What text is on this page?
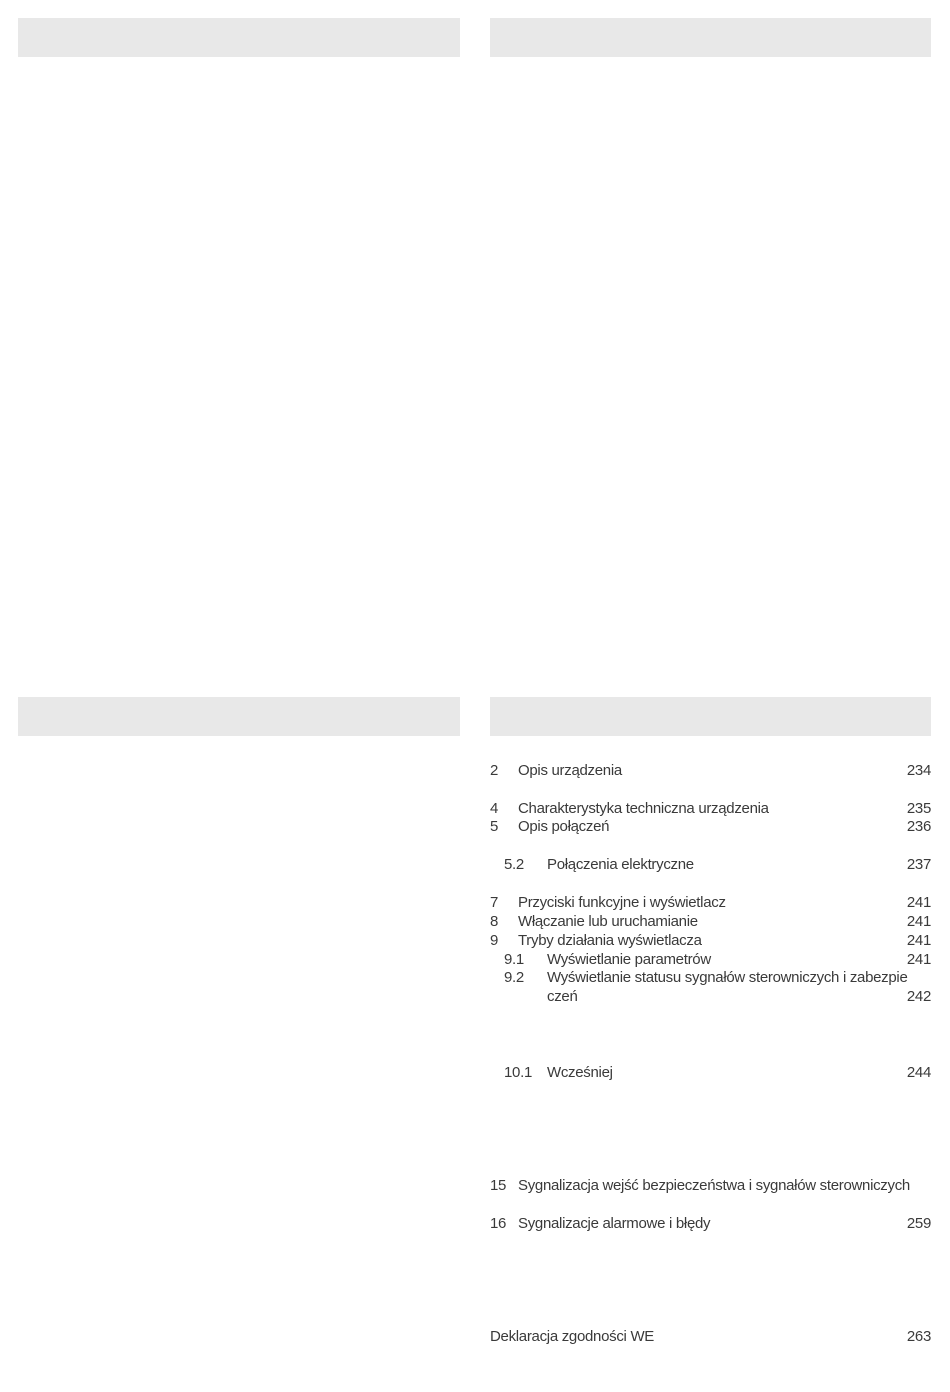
2 Opis urządzenia	234
4 Charakterystyka techniczna urządzenia	235
5 Opis połączeń	236
5.2 Połączenia elektryczne	237
7 Przyciski funkcyjne i wyświetlacz	241
8 Włączanie lub uruchamianie	241
9 Tryby działania wyświetlacza	241
9.1 Wyświetlanie parametrów	241
9.2 Wyświetlanie statusu sygnałów sterowniczych i zabezpie
czeń	242
10.1 Wcześniej	244
15 Sygnalizacja wejść bezpieczeństwa i sygnałów sterowniczych
16 Sygnalizacje alarmowe i błędy	259
Deklaracja zgodności WE	263
